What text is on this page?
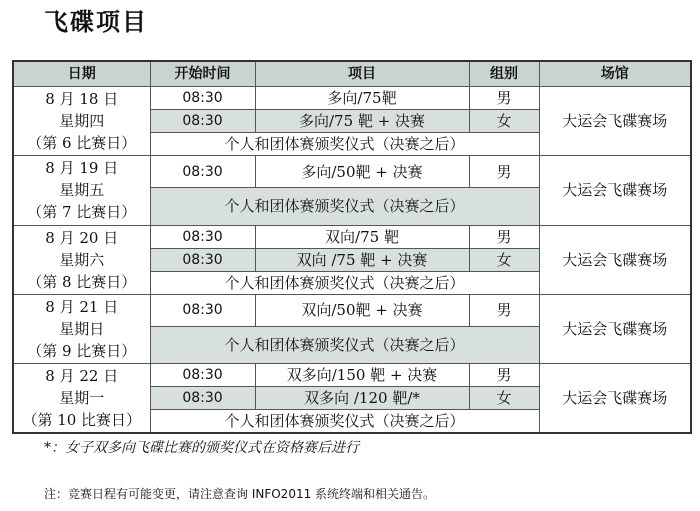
飞碟项目
日期	开始时间	项目	组别	场馆

8 月 18 日
星期四
（第 6 比赛日）	08:30	多向/75靶	男	大运会飞碟赛场
	08:30	多向/75 靶 + 决赛	女	
	个人和团体赛颁奖仪式（决赛之后）			

8 月 19 日
星期五
（第 7 比赛日）	08:30	多向/50靶 + 决赛	男	大运会飞碟赛场
	个人和团体赛颁奖仪式（决赛之后）			

8 月 20 日
星期六
（第 8 比赛日）	08:30	双向/75 靶	男	大运会飞碟赛场
	08:30	双向 /75 靶 + 决赛	女	
	个人和团体赛颁奖仪式（决赛之后）			

8 月 21 日
星期日
（第 9 比赛日）	08:30	双向/50靶 + 决赛	男	大运会飞碟赛场
	个人和团体赛颁奖仪式（决赛之后）			

8 月 22 日
星期一
（第 10 比赛日）	08:30	双多向/150 靶 + 决赛	男	大运会飞碟赛场
	08:30	双多向 /120 靶/*	女	
	个人和团体赛颁奖仪式（决赛之后）			
*：女子双多向飞碟比赛的颁奖仪式在资格赛后进行
注：竞赛日程有可能变更，请注意查询 INFO2011 系统终端和相关通告。
